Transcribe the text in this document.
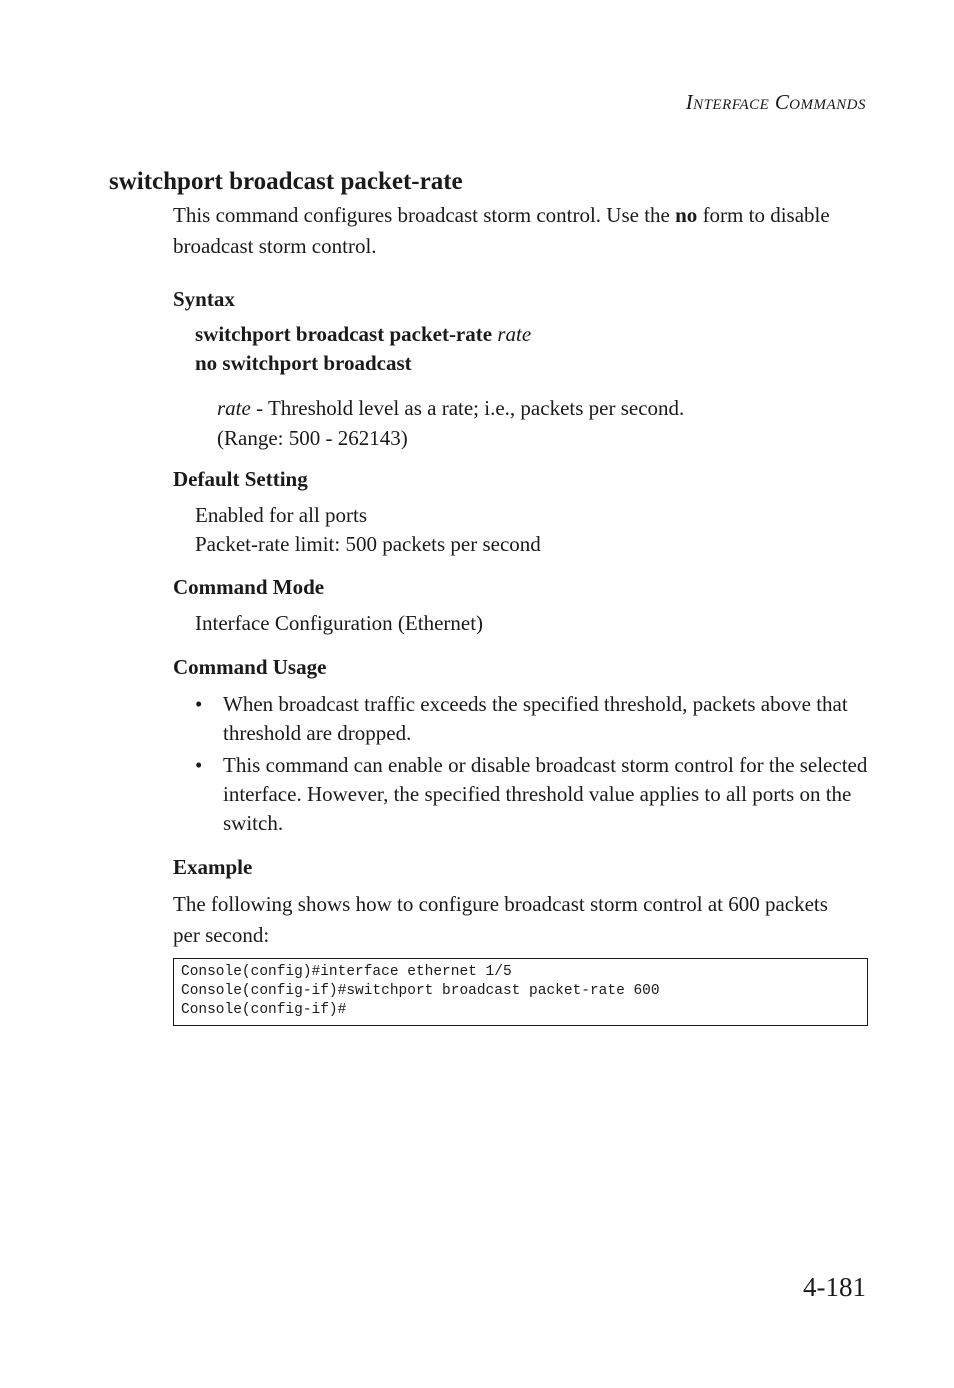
INTERFACE COMMANDS
switchport broadcast packet-rate

This command configures broadcast storm control. Use the no form to disable broadcast storm control.

Syntax

switchport broadcast packet-rate rate

no switchport broadcast

rate - Threshold level as a rate; i.e., packets per second.
(Range: 500 - 262143)
Default Setting

Enabled for all ports

Packet-rate limit: 500 packets per second

Command Mode

Interface Configuration (Ethernet)

Command Usage
• When broadcast traffic exceeds the specified threshold, packets above that threshold are dropped.
• This command can enable or disable broadcast storm control for the selected interface. However, the specified threshold value applies to all ports on the switch.
Example

The following shows how to configure broadcast storm control at 600 packets per second:

Console(config)#interface ethernet 1/5
Console(config-if)#switchport broadcast packet-rate 600
Console(config-if)#
4-181
